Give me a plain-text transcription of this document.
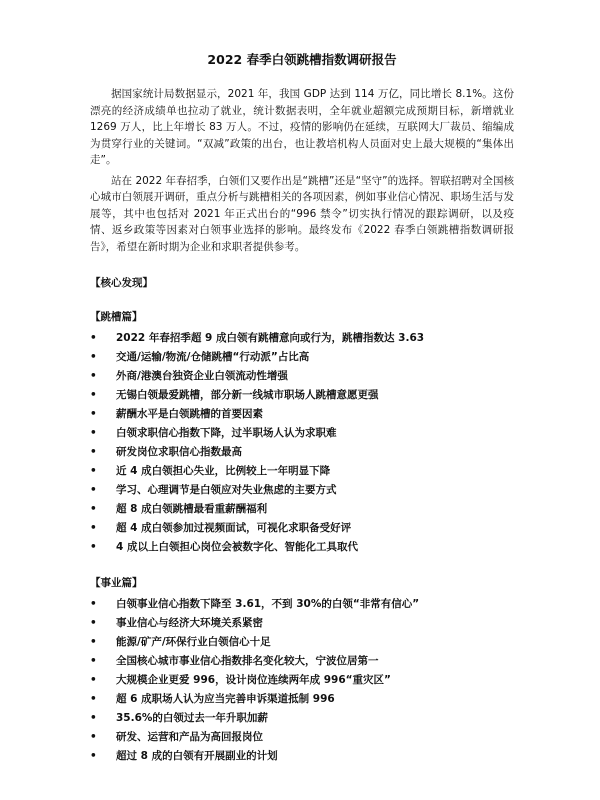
2022 春季白领跳槽指数调研报告

据国家统计局数据显示，2021 年，我国 GDP 达到 114 万亿，同比增长 8.1%。这份漂亮的经济成绩单也拉动了就业，统计数据表明，全年就业超额完成预期目标，新增就业 1269 万人，比上年增长 83 万人。不过，疫情的影响仍在延续，互联网大厂裁员、缩编成为贯穿行业的关键词。“双减”政策的出台，也让教培机构人员面对史上最大规模的“集体出走”。

站在 2022 年春招季，白领们又要作出是“跳槽”还是“坚守”的选择。智联招聘对全国核心城市白领展开调研，重点分析与跳槽相关的各项因素，例如事业信心情况、职场生活与发展等，其中也包括对 2021 年正式出台的“996 禁令”切实执行情况的跟踪调研，以及疫情、返乡政策等因素对白领事业选择的影响。最终发布《2022 春季白领跳槽指数调研报告》，希望在新时期为企业和求职者提供参考。

【核心发现】
【跳槽篇】
•	2022 年春招季超 9 成白领有跳槽意向或行为，跳槽指数达 3.63
•	交通/运输/物流/仓储跳槽“行动派”占比高
•	外商/港澳台独资企业白领流动性增强
•	无锡白领最爱跳槽，部分新一线城市职场人跳槽意愿更强
•	薪酬水平是白领跳槽的首要因素
•	白领求职信心指数下降，过半职场人认为求职难
•	研发岗位求职信心指数最高
•	近 4 成白领担心失业，比例较上一年明显下降
•	学习、心理调节是白领应对失业焦虑的主要方式
•	超 8 成白领跳槽最看重薪酬福利
•	超 4 成白领参加过视频面试，可视化求职备受好评
•	4 成以上白领担心岗位会被数字化、智能化工具取代
【事业篇】
•	白领事业信心指数下降至 3.61，不到 30%的白领“非常有信心”
•	事业信心与经济大环境关系紧密
•	能源/矿产/环保行业白领信心十足
•	全国核心城市事业信心指数排名变化较大，宁波位居第一
•	大规模企业更爱 996，设计岗位连续两年成 996“重灾区”
•	超 6 成职场人认为应当完善申诉渠道抵制 996
•	35.6%的白领过去一年升职加薪
•	研发、运营和产品为高回报岗位
•	超过 8 成的白领有开展副业的计划
